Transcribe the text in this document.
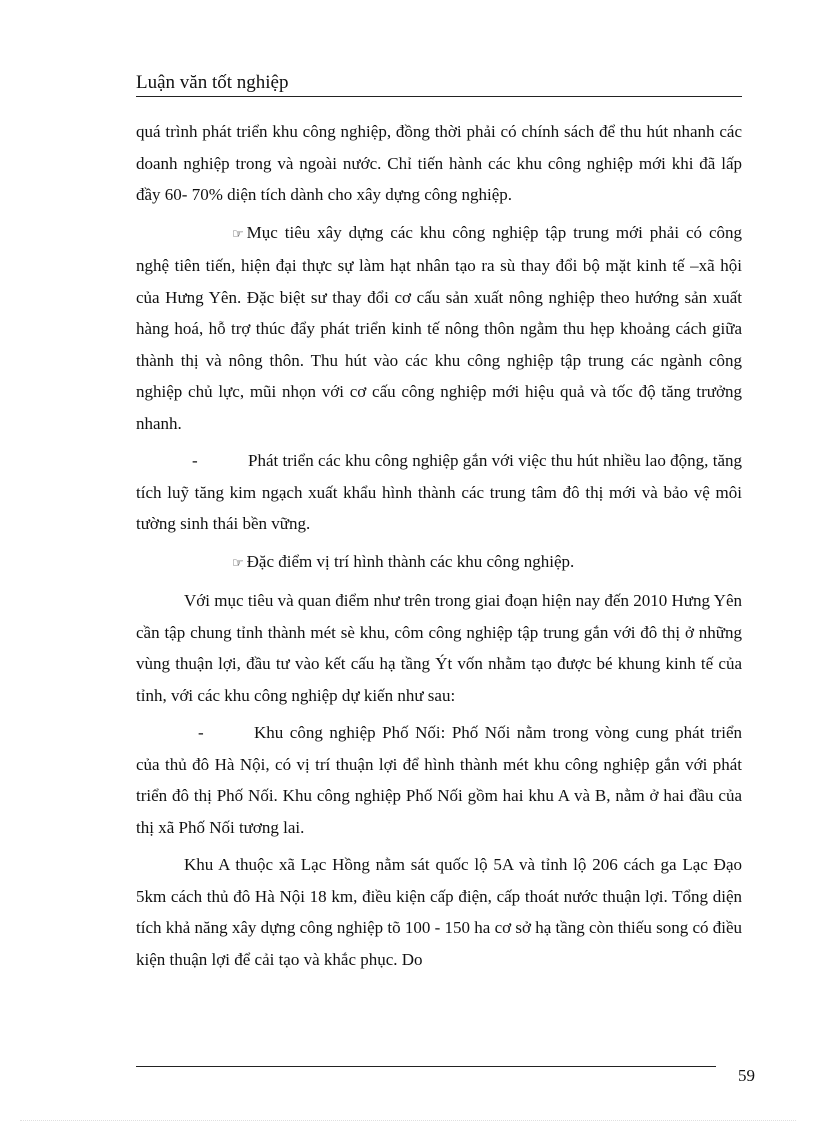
Luận văn tốt nghiệp

quá trình phát triển khu công nghiệp, đồng thời phải có chính sách để thu hút nhanh các doanh nghiệp trong và ngoài nước. Chỉ tiến hành các khu công nghiệp mới khi đã lấp đầy 60- 70% diện tích dành cho xây dựng công nghiệp.

☞ Mục tiêu xây dựng các khu công nghiệp tập trung mới phải có công nghệ tiên tiến, hiện đại thực sự làm hạt nhân tạo ra sù thay đổi bộ mặt kinh tế –xã hội của Hưng Yên. Đặc biệt sư thay đổi cơ cấu sản xuất nông nghiệp theo hướng sản xuất hàng hoá, hỗ trợ thúc đẩy phát triển kinh tế nông thôn ngằm thu hẹp khoảng cách giữa thành thị và nông thôn. Thu hút vào các khu công nghiệp tập trung các ngành công nghiệp chủ lực, mũi nhọn với cơ cấu công nghiệp mới hiệu quả và tốc độ tăng trưởng nhanh.

-	Phát triển các khu công nghiệp gắn với việc thu hút nhiều lao động, tăng tích luỹ tăng kim ngạch xuất khẩu hình thành các trung tâm đô thị mới và bảo vệ môi tường sinh thái bền vững.

☞ Đặc điểm vị trí hình thành các khu công nghiệp.

Với mục tiêu và quan điểm như trên trong giai đoạn hiện nay đến 2010 Hưng Yên cần tập chung tỉnh thành mét sè khu, côm công nghiệp tập trung gắn với đô thị ở những vùng thuận lợi, đầu tư vào kết cấu hạ tầng Ýt vốn nhằm tạo được bé khung kinh tế của tỉnh, với các khu công nghiệp dự kiến như sau:

-	Khu công nghiệp Phố Nối: Phố Nối nằm trong vòng cung phát triển của thủ đô Hà Nội, có vị trí thuận lợi để hình thành mét khu công nghiệp gắn với phát triển đô thị Phố Nối. Khu công nghiệp Phố Nối gồm hai khu A và B, nằm ở hai đầu của thị xã Phố Nối tương lai.

Khu A thuộc xã Lạc Hồng nằm sát quốc lộ 5A và tỉnh lộ 206 cách ga Lạc Đạo 5km cách thủ đô Hà Nội 18 km, điều kiện cấp điện, cấp thoát nước thuận lợi. Tổng diện tích khả năng xây dựng công nghiệp tõ 100 - 150 ha cơ sở hạ tầng còn thiếu song có điều kiện thuận lợi để cải tạo và khắc phục. Do

59
